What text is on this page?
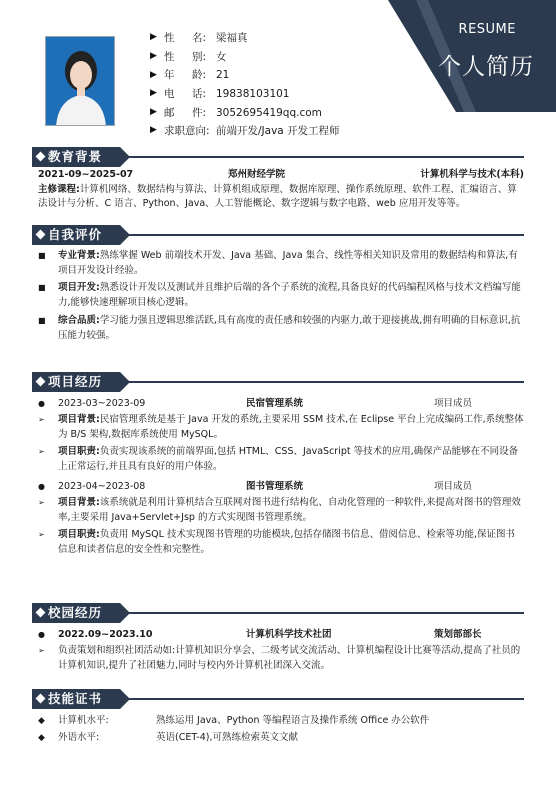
RESUME
个人简历
▶ 性 名: 梁福真
▶ 性 别: 女
▶ 年 龄: 21
▶ 电 话: 19838103101
▶ 邮 件: 3052695419qq.com
▶ 求职意向: 前端开发/Java 开发工程师
教育背景
2021-09~2025-07	郑州财经学院	计算机科学与技术(本科)
主修课程:计算机网络、数据结构与算法、计算机组成原理、数据库原理、操作系统原理、软件工程、汇编语言、算法设计与分析、C 语言、Python、Java、人工智能概论、数字逻辑与数字电路、web 应用开发等等。
自我评价
■	专业背景:熟练掌握 Web 前端技术开发、Java 基础、Java 集合、线性等相关知识及常用的数据结构和算法,有项目开发设计经验。
■	项目开发:熟悉设计开发以及测试并且维护后端的各个子系统的流程,具备良好的代码编程风格与技术文档编写能力,能够快速理解项目核心逻辑。
■	综合品质:学习能力强且逻辑思维活跃,具有高度的责任感和较强的内驱力,敢于迎接挑战,拥有明确的目标意识,抗压能力较强。
项目经历
●	2023-03~2023-09	民宿管理系统	项目成员
➢	项目背景:民宿管理系统是基于 Java 开发的系统,主要采用 SSM 技术,在 Eclipse 平台上完成编码工作,系统整体为 B/S 架构,数据库系统使用 MySQL。
➢	项目职责:负责实现该系统的前端界面,包括 HTML、CSS、JavaScript 等技术的应用,确保产品能够在不同设备上正常运行,并且具有良好的用户体验。
●	2023-04~2023-08	图书管理系统	项目成员
➢	项目背景:该系统就是利用计算机结合互联网对图书进行结构化、自动化管理的一种软件,来提高对图书的管理效率,主要采用 Java+Servlet+Jsp 的方式实现图书管理系统。
➢	项目职责:负责用 MySQL 技术实现图书管理的功能模块,包括存储图书信息、借阅信息、检索等功能,保证图书信息和读者信息的安全性和完整性。
校园经历
●	2022.09~2023.10	计算机科学技术社团	策划部部长
➢	负责策划和组织社团活动如:计算机知识分享会、二级考试交流活动、计算机编程设计比赛等活动,提高了社员的计算机知识,提升了社团魅力,同时与校内外计算机社团深入交流。
技能证书
◆	计算机水平:	熟练运用 Java、Python 等编程语言及操作系统 Office 办公软件
◆	外语水平:	英语(CET-4),可熟练检索英文文献
